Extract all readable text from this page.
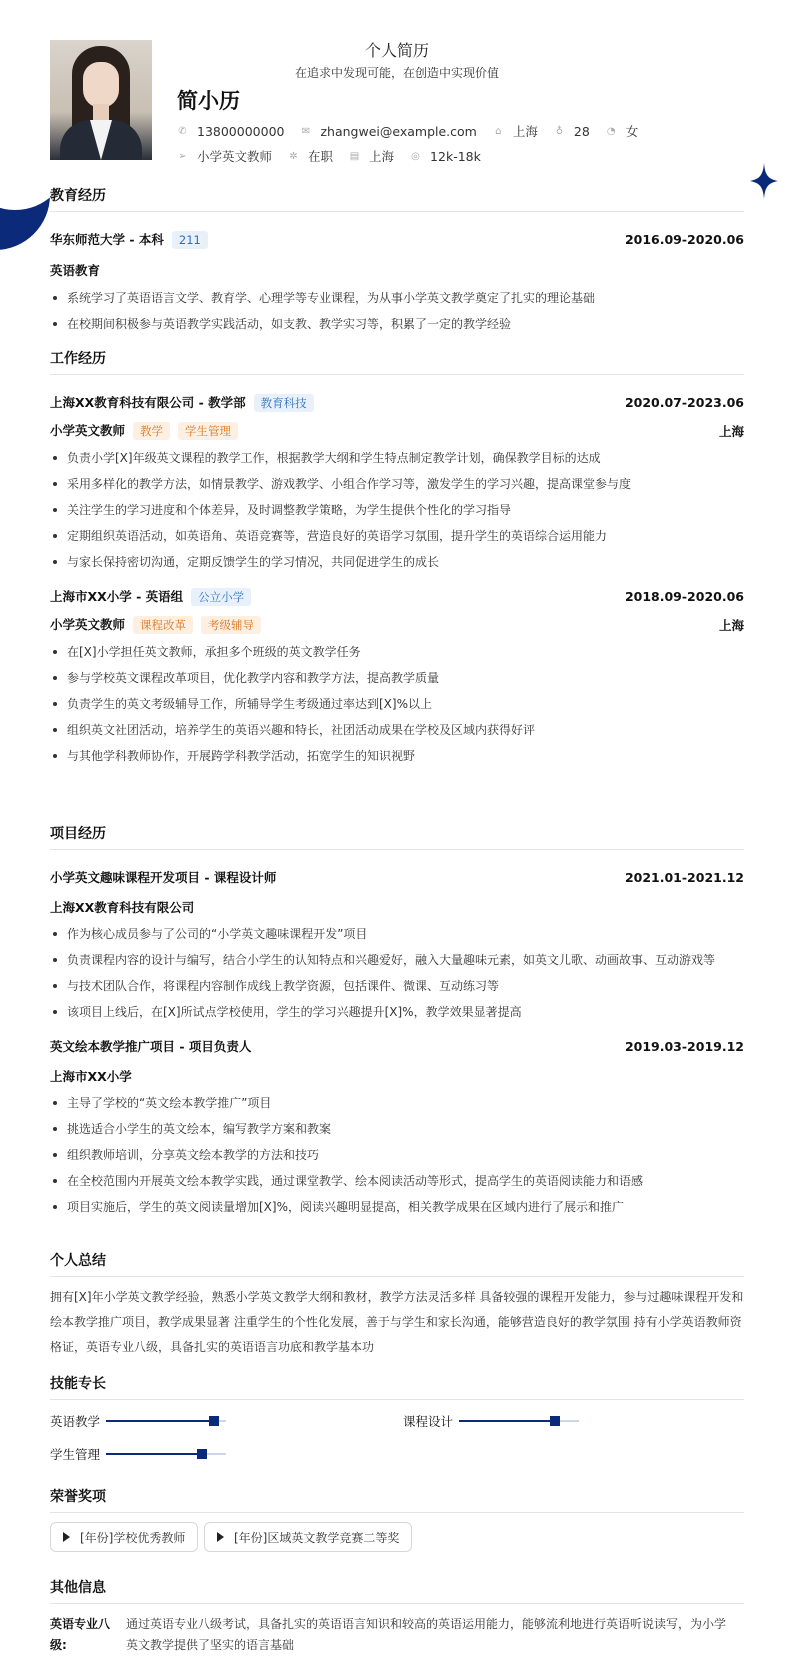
个人简历
在追求中发现可能，在创造中实现价值
简小历
✆ 13800000000 ✉ zhangwei@example.com ⌂ 上海 ♁ 28 ◔ 女
➢ 小学英文教师 ✲ 在职 ▤ 上海 ◎ 12k-18k
教育经历
华东师范大学 - 本科 211	2016.09-2020.06
英语教育
系统学习了英语语言文学、教育学、心理学等专业课程，为从事小学英文教学奠定了扎实的理论基础
在校期间积极参与英语教学实践活动，如支教、教学实习等，积累了一定的教学经验
工作经历
上海XX教育科技有限公司 - 教学部 教育科技	2020.07-2023.06
小学英文教师 教学 学生管理	上海
负责小学[X]年级英文课程的教学工作，根据教学大纲和学生特点制定教学计划，确保教学目标的达成
采用多样化的教学方法，如情景教学、游戏教学、小组合作学习等，激发学生的学习兴趣，提高课堂参与度
关注学生的学习进度和个体差异，及时调整教学策略，为学生提供个性化的学习指导
定期组织英语活动，如英语角、英语竞赛等，营造良好的英语学习氛围，提升学生的英语综合运用能力
与家长保持密切沟通，定期反馈学生的学习情况，共同促进学生的成长
上海市XX小学 - 英语组 公立小学	2018.09-2020.06
小学英文教师 课程改革 考级辅导	上海
在[X]小学担任英文教师，承担多个班级的英文教学任务
参与学校英文课程改革项目，优化教学内容和教学方法，提高教学质量
负责学生的英文考级辅导工作，所辅导学生考级通过率达到[X]%以上
组织英文社团活动，培养学生的英语兴趣和特长，社团活动成果在学校及区域内获得好评
与其他学科教师协作，开展跨学科教学活动，拓宽学生的知识视野
项目经历
小学英文趣味课程开发项目 - 课程设计师	2021.01-2021.12
上海XX教育科技有限公司
作为核心成员参与了公司的“小学英文趣味课程开发”项目
负责课程内容的设计与编写，结合小学生的认知特点和兴趣爱好，融入大量趣味元素，如英文儿歌、动画故事、互动游戏等
与技术团队合作，将课程内容制作成线上教学资源，包括课件、微课、互动练习等
该项目上线后，在[X]所试点学校使用，学生的学习兴趣提升[X]%，教学效果显著提高
英文绘本教学推广项目 - 项目负责人	2019.03-2019.12
上海市XX小学
主导了学校的“英文绘本教学推广”项目
挑选适合小学生的英文绘本，编写教学方案和教案
组织教师培训，分享英文绘本教学的方法和技巧
在全校范围内开展英文绘本教学实践，通过课堂教学、绘本阅读活动等形式，提高学生的英语阅读能力和语感
项目实施后，学生的英文阅读量增加[X]%，阅读兴趣明显提高，相关教学成果在区域内进行了展示和推广
个人总结
拥有[X]年小学英文教学经验，熟悉小学英文教学大纲和教材，教学方法灵活多样 具备较强的课程开发能力，参与过趣味课程开发和
绘本教学推广项目，教学成果显著 注重学生的个性化发展，善于与学生和家长沟通，能够营造良好的教学氛围 持有小学英语教师资
格证，英语专业八级，具备扎实的英语语言功底和教学基本功
技能专长
英语教学	课程设计
学生管理
荣誉奖项
[年份]学校优秀教师	[年份]区域英文教学竞赛二等奖
其他信息
英语专业八级:
通过英语专业八级考试，具备扎实的英语语言知识和较高的英语运用能力，能够流利地进行英语听说读写，为小学
英文教学提供了坚实的语言基础
